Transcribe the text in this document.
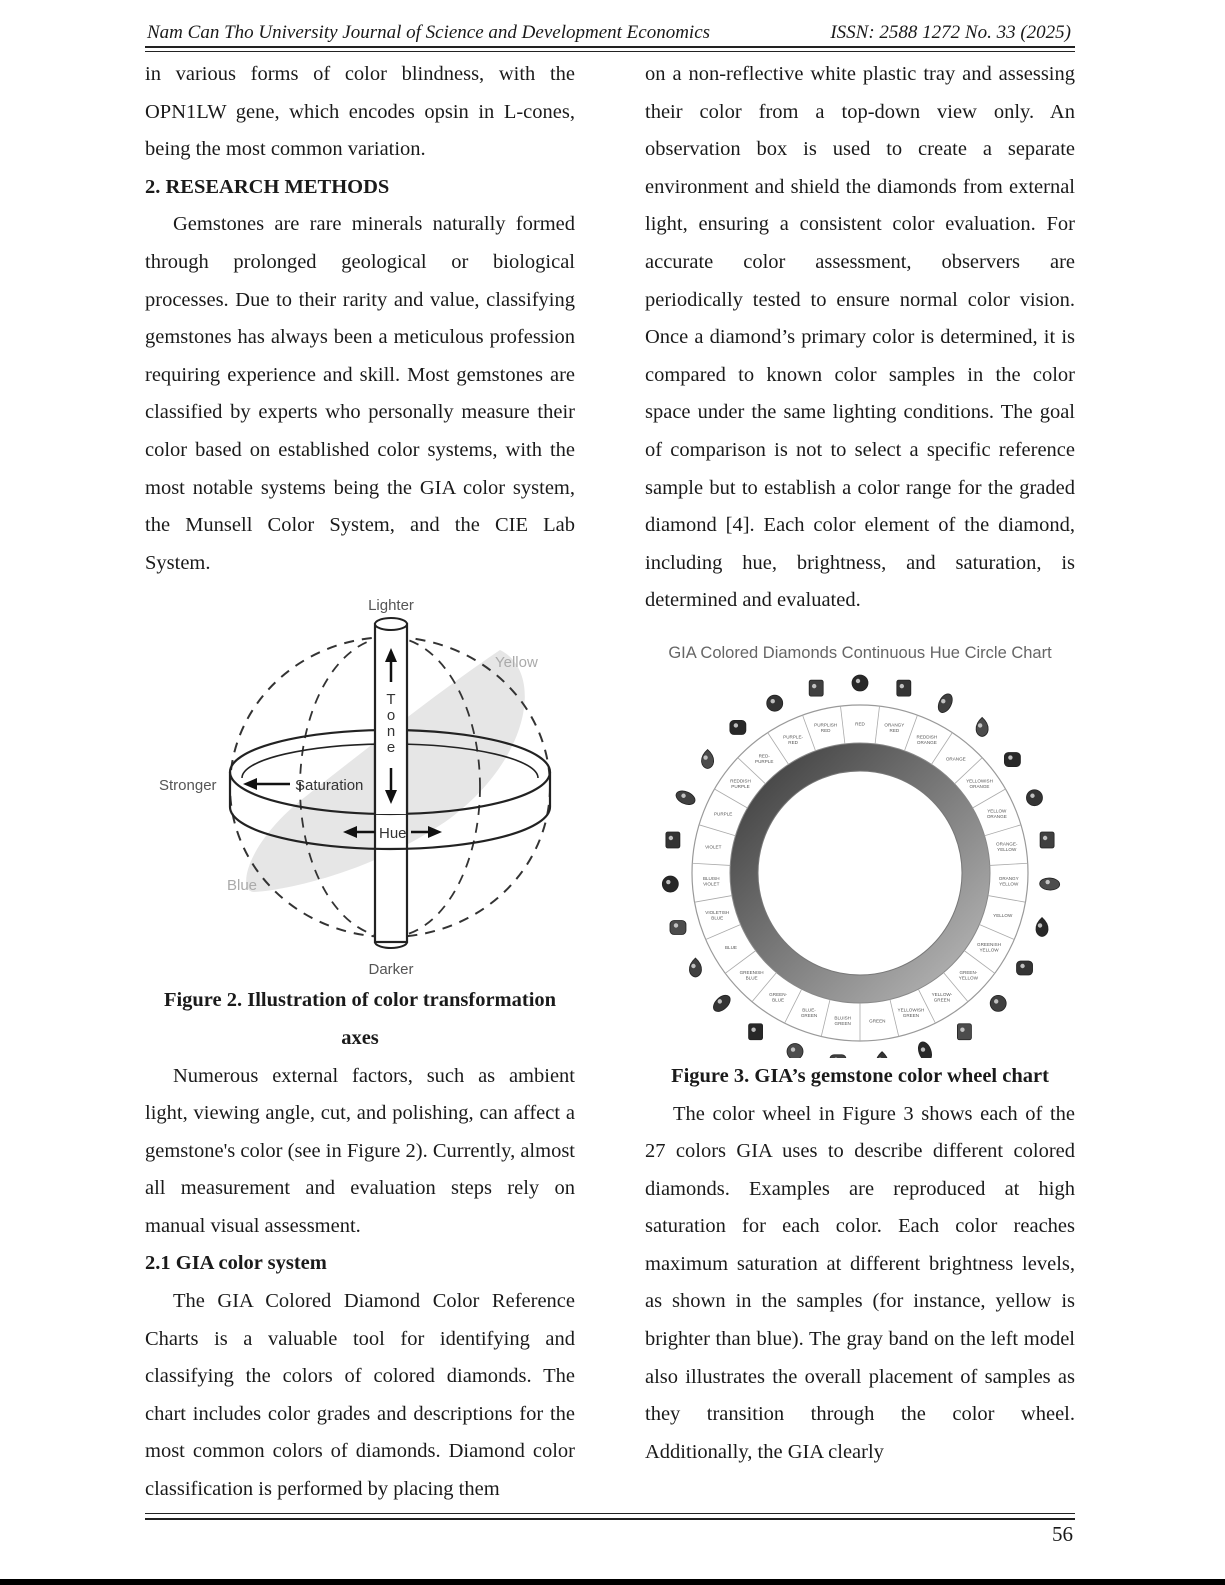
Nam Can Tho University Journal of Science and Development Economics	ISSN: 2588 1272 No. 33 (2025)

in various forms of color blindness, with the OPN1LW gene, which encodes opsin in L-cones, being the most common variation.

2. RESEARCH METHODS

Gemstones are rare minerals naturally formed through prolonged geological or biological processes. Due to their rarity and value, classifying gemstones has always been a meticulous profession requiring experience and skill. Most gemstones are classified by experts who personally measure their color based on established color systems, with the most notable systems being the GIA color system, the Munsell Color System, and the CIE Lab System.

T
o
n
e
Saturation
Hue
Lighter
Darker
Stronger
Yellow
Blue

Figure 2. Illustration of color transformation axes

Numerous external factors, such as ambient light, viewing angle, cut, and polishing, can affect a gemstone's color (see in Figure 2). Currently, almost all measurement and evaluation steps rely on manual visual assessment.

2.1 GIA color system

The GIA Colored Diamond Color Reference Charts is a valuable tool for identifying and classifying the colors of colored diamonds. The chart includes color grades and descriptions for the most common colors of diamonds. Diamond color classification is performed by placing them

on a non-reflective white plastic tray and assessing their color from a top-down view only. An observation box is used to create a separate environment and shield the diamonds from external light, ensuring a consistent color evaluation. For accurate color assessment, observers are periodically tested to ensure normal color vision. Once a diamond’s primary color is determined, it is compared to known color samples in the color space under the same lighting conditions. The goal of comparison is not to select a specific reference sample but to establish a color range for the graded diamond [4]. Each color element of the diamond, including hue, brightness, and saturation, is determined and evaluated.

GIA Colored Diamonds Continuous Hue Circle Chart
RED	ORANGY RED
REDDISH ORANGE
ORANGE
YELLOWISH ORANGE
YELLOW ORANGE
ORANGE-YELLOW
ORANGY YELLOW
YELLOW
GREENISH YELLOW
GREEN-YELLOW
YELLOW-GREEN
YELLOWISH GREEN
GREEN
BLUISH GREEN
BLUE-GREEN
GREEN-BLUE
GREENISH BLUE
BLUE
VIOLETISH BLUE
BLUISH VIOLET
VIOLET
PURPLE
REDDISH PURPLE
RED-PURPLE
PURPLE-RED
PURPLISH RED

Figure 3. GIA’s gemstone color wheel chart

The color wheel in Figure 3 shows each of the 27 colors GIA uses to describe different colored diamonds. Examples are reproduced at high saturation for each color. Each color reaches maximum saturation at different brightness levels, as shown in the samples (for instance, yellow is brighter than blue). The gray band on the left model also illustrates the overall placement of samples as they transition through the color wheel. Additionally, the GIA clearly

56
